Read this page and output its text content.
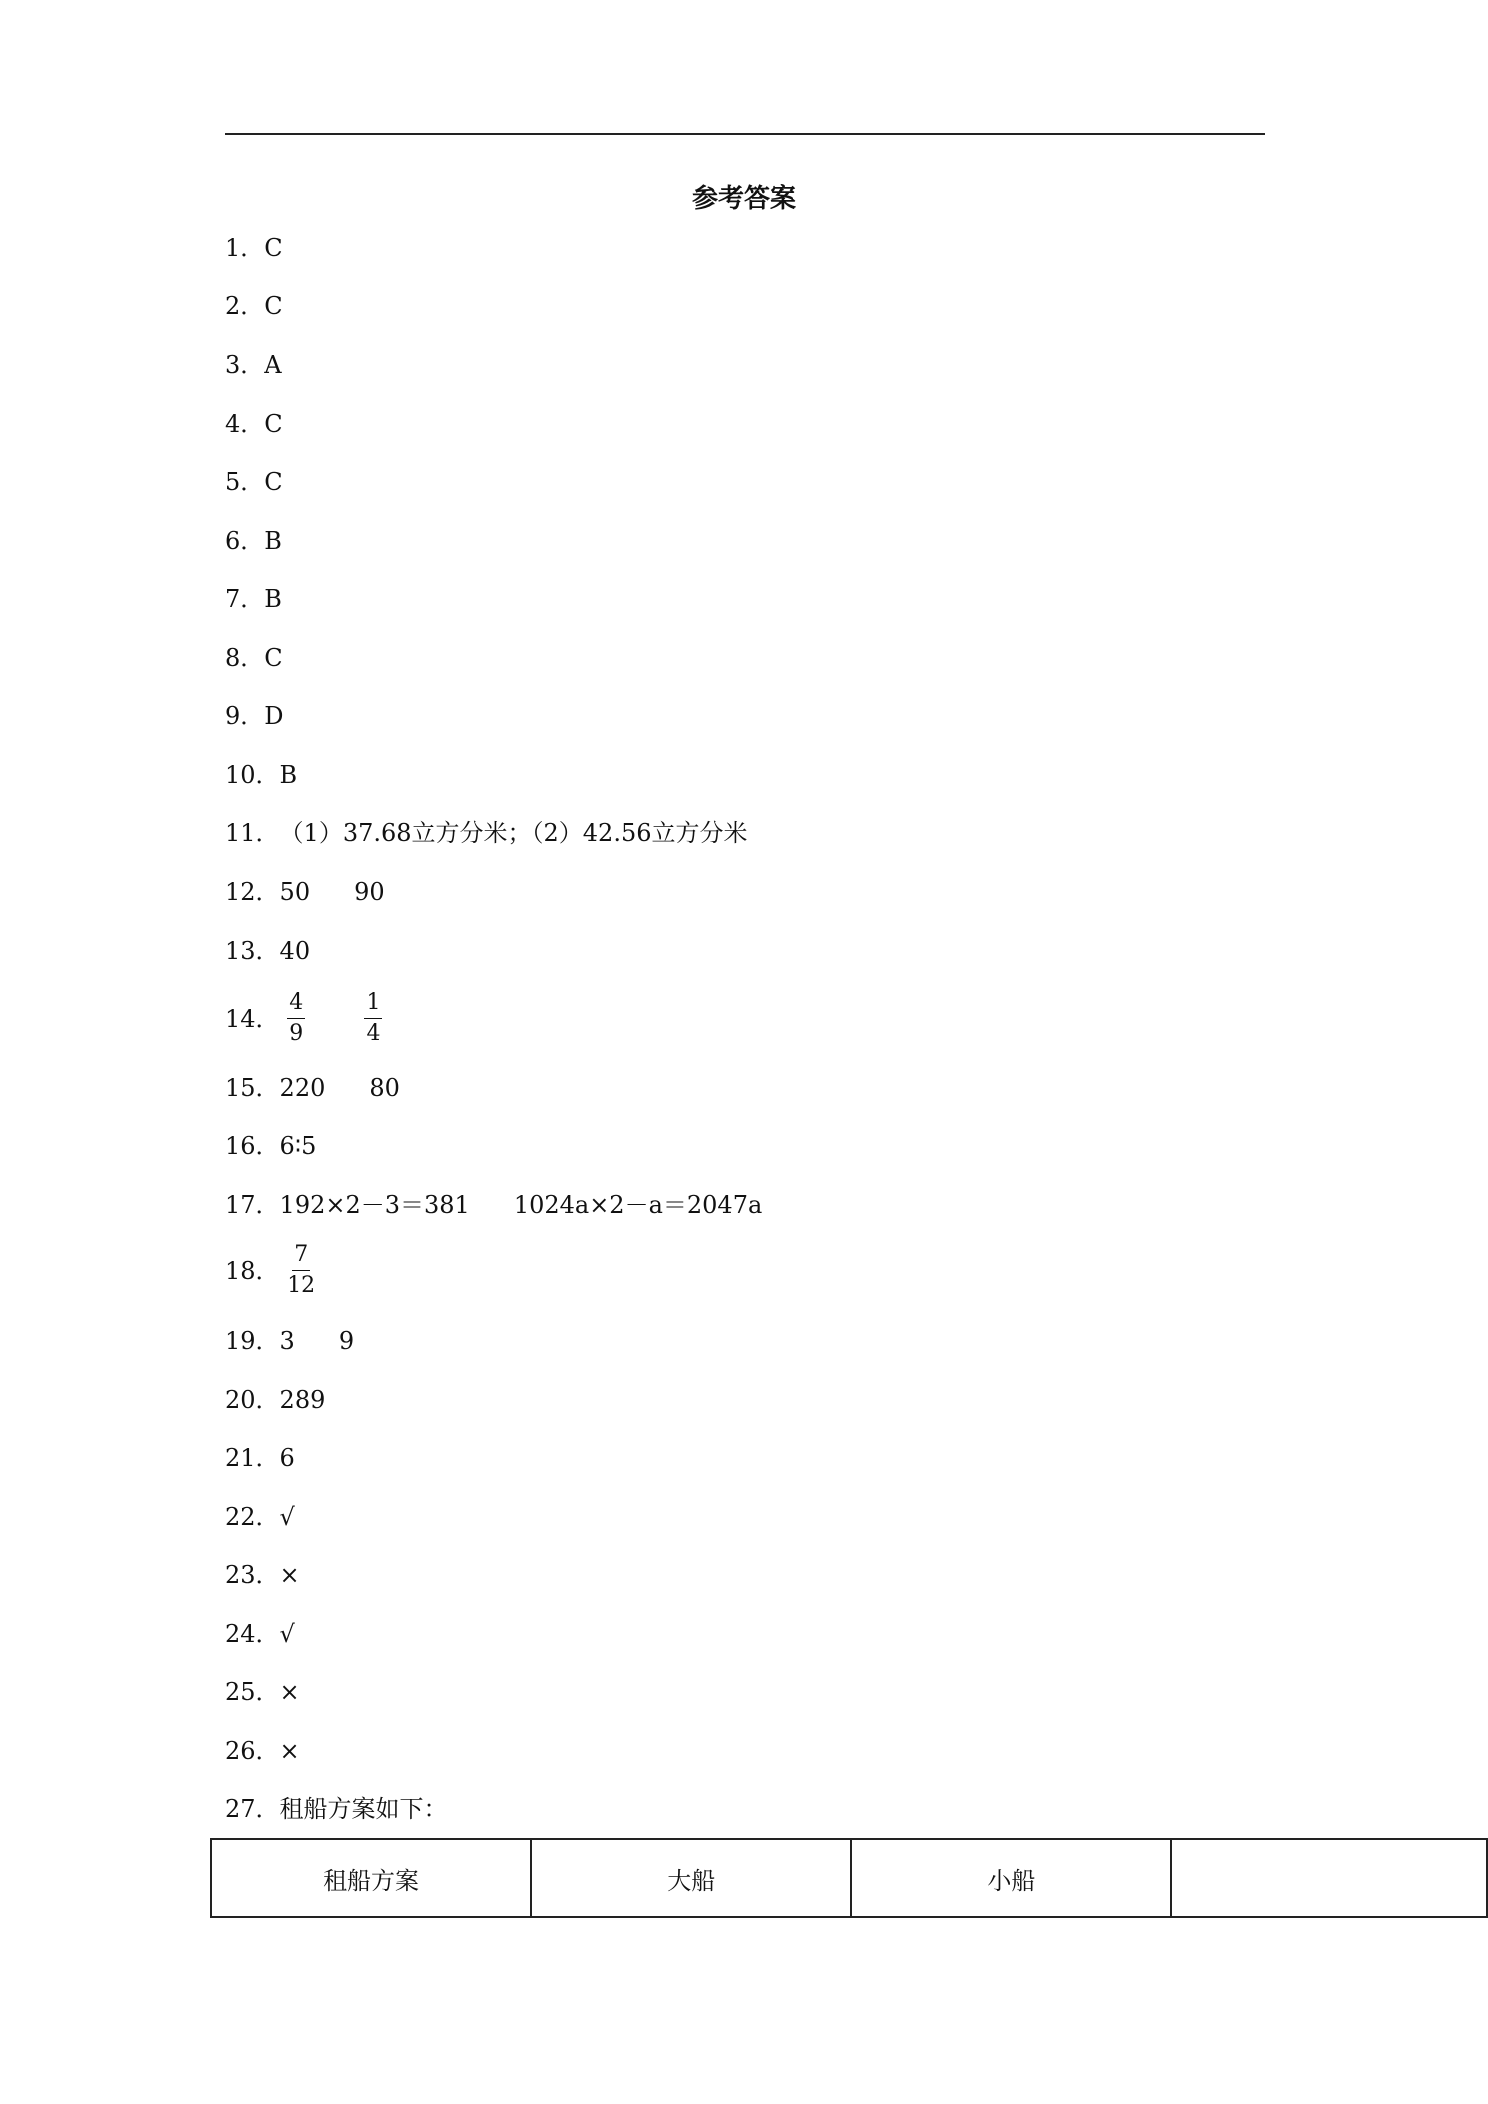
参考答案
1．C
2．C
3．A
4．C
5．C
6．B
7．B
8．C
9．D
10．B
11．（1）37.68立方分米；（2）42.56立方分米
12．50 90
13．40
14． $\frac{4}{9}$
	$\frac{1}{4}$
15．220 80
16．6∶5
17．192×2－3＝381 1024a×2－a＝2047a
18． $\frac{7}{12}$
19．3 9
20．289
21．6
22．√
23．×
24．√
25．×
26．×
27．租船方案如下：
租船方案	大船	小船	
